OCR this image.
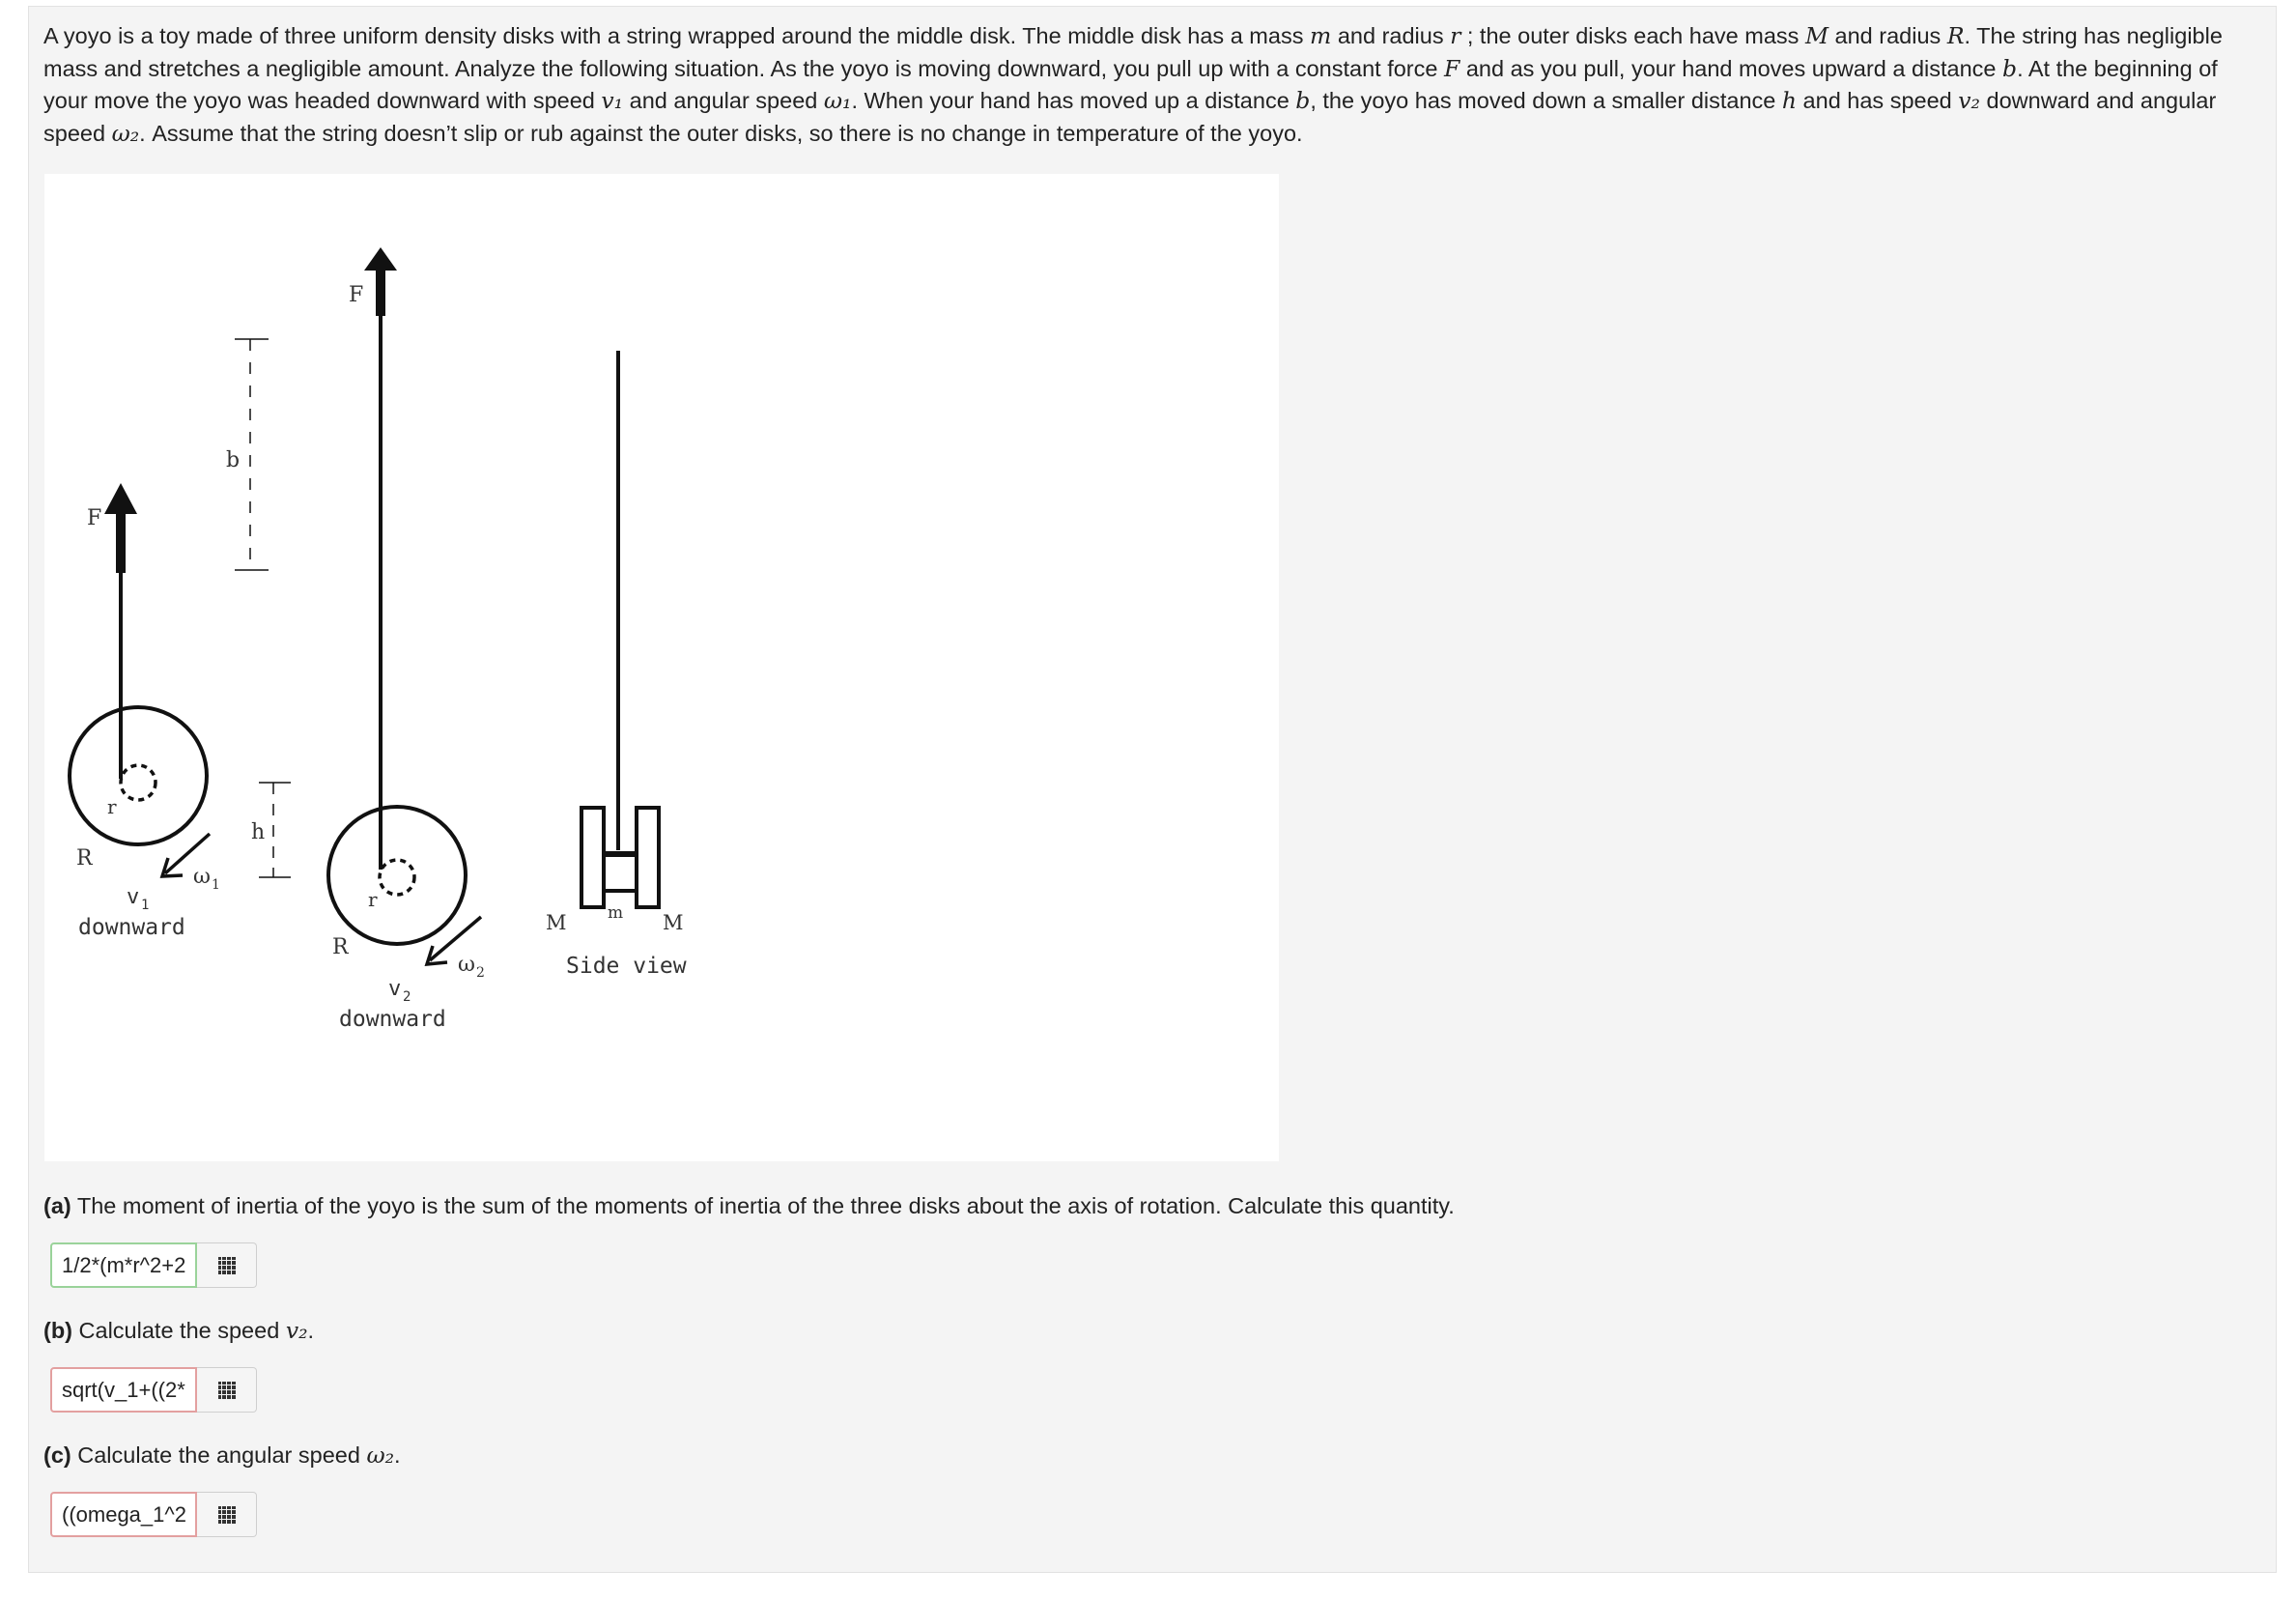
A yoyo is a toy made of three uniform density disks with a string wrapped around the middle disk. The middle disk has a mass m and radius r ; the outer disks each have mass M and radius R. The string has negligible mass and stretches a negligible amount. Analyze the following situation. As the yoyo is moving downward, you pull up with a constant force F and as you pull, your hand moves upward a distance b. At the beginning of your move the yoyo was headed downward with speed v₁ and angular speed ω₁. When your hand has moved up a distance b, the yoyo has moved down a smaller distance h and has speed v₂ downward and angular speed ω₂. Assume that the string doesn’t slip or rub against the outer disks, so there is no change in temperature of the yoyo.

F
r
R
ω 1
v 1
downward
b
h
F
r
R
ω 2
v 2
downward
M m M
Side view

(a) The moment of inertia of the yoyo is the sum of the moments of inertia of the three disks about the axis of rotation. Calculate this quantity.

1/2*(m*r^2+2

(b) Calculate the speed v₂.

sqrt(v_1+((2*

(c) Calculate the angular speed ω₂.

((omega_1^2
